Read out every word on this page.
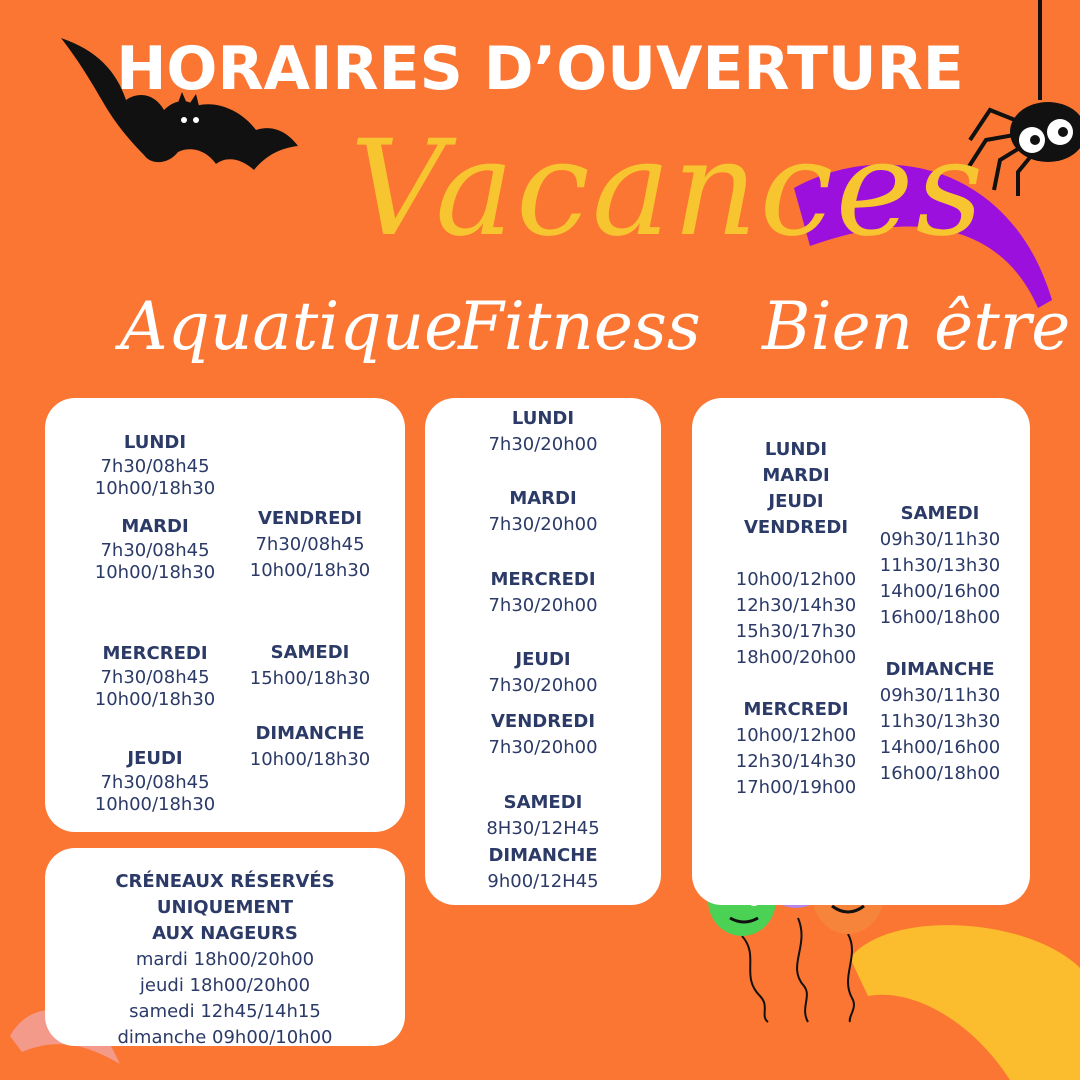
HORAIRES D’OUVERTURE
Vacances
Aquatique
Fitness Bien être
LUNDI
7h30/08h45
10h00/18h30
MARDI
7h30/08h45
10h00/18h30
MERCREDI
7h30/08h45
10h00/18h30
JEUDI
7h30/08h45
10h00/18h30
VENDREDI
7h30/08h45
10h00/18h30
SAMEDI
15h00/18h30
DIMANCHE
10h00/18h30
LUNDI
7h30/20h00
MARDI
7h30/20h00
MERCREDI
7h30/20h00
JEUDI
7h30/20h00
VENDREDI
7h30/20h00
SAMEDI
8H30/12H45
DIMANCHE
9h00/12H45
LUNDI
MARDI
JEUDI
VENDREDI
10h00/12h00
12h30/14h30
15h30/17h30
18h00/20h00
MERCREDI
10h00/12h00
12h30/14h30
17h00/19h00
SAMEDI
09h30/11h30
11h30/13h30
14h00/16h00
16h00/18h00
DIMANCHE
09h30/11h30
11h30/13h30
14h00/16h00
16h00/18h00
CRÉNEAUX RÉSERVÉS UNIQUEMENT
AUX NAGEURS
mardi 18h00/20h00
jeudi 18h00/20h00
samedi 12h45/14h15
dimanche 09h00/10h00
